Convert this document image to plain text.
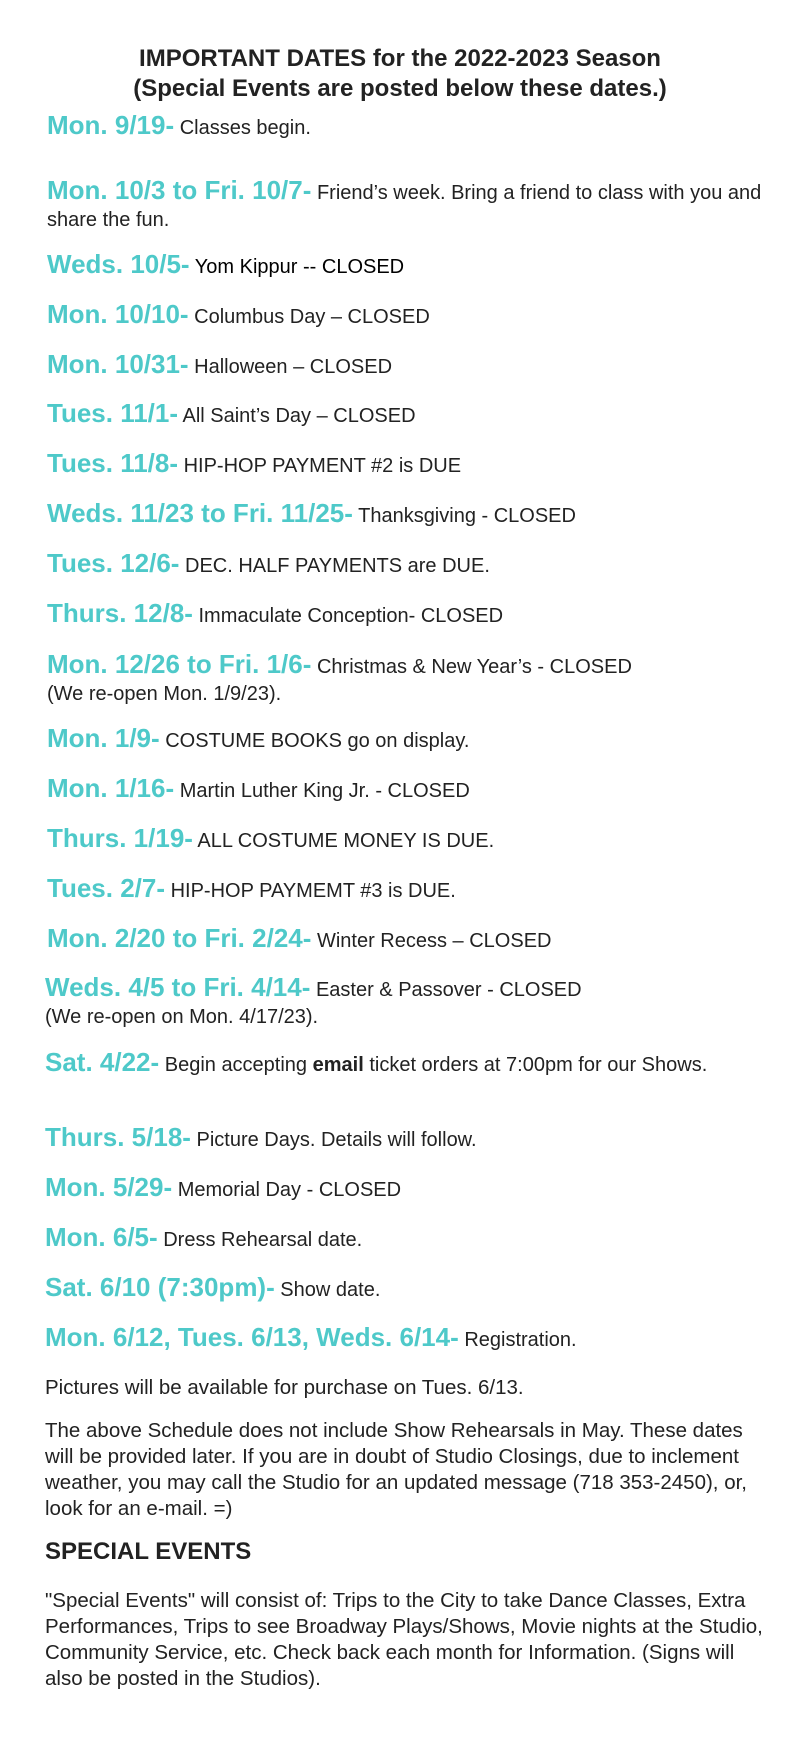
IMPORTANT DATES for the 2022-2023 Season
(Special Events are posted below these dates.)
Mon. 9/19- Classes begin.
Mon. 10/3 to Fri. 10/7- Friend’s week. Bring a friend to class with you and share the fun.
Weds. 10/5- Yom Kippur -- CLOSED
Mon. 10/10- Columbus Day – CLOSED
Mon. 10/31- Halloween – CLOSED
Tues. 11/1- All Saint’s Day – CLOSED
Tues. 11/8- HIP-HOP PAYMENT #2 is DUE
Weds. 11/23 to Fri. 11/25- Thanksgiving - CLOSED
Tues. 12/6- DEC. HALF PAYMENTS are DUE.
Thurs. 12/8- Immaculate Conception- CLOSED
Mon. 12/26 to Fri. 1/6- Christmas & New Year’s - CLOSED
(We re-open Mon. 1/9/23).
Mon. 1/9- COSTUME BOOKS go on display.
Mon. 1/16- Martin Luther King Jr. - CLOSED
Thurs. 1/19- ALL COSTUME MONEY IS DUE.
Tues. 2/7- HIP-HOP PAYMEMT #3 is DUE.
Mon. 2/20 to Fri. 2/24- Winter Recess – CLOSED
Weds. 4/5 to Fri. 4/14- Easter & Passover - CLOSED
(We re-open on Mon. 4/17/23).
Sat. 4/22- Begin accepting email ticket orders at 7:00pm for our Shows.
Thurs. 5/18- Picture Days. Details will follow.
Mon. 5/29- Memorial Day - CLOSED
Mon. 6/5- Dress Rehearsal date.
Sat. 6/10 (7:30pm)- Show date.
Mon. 6/12, Tues. 6/13, Weds. 6/14- Registration.
Pictures will be available for purchase on Tues. 6/13.
The above Schedule does not include Show Rehearsals in May. These dates will be provided later. If you are in doubt of Studio Closings, due to inclement weather, you may call the Studio for an updated message (718 353-2450), or, look for an e-mail. =)
SPECIAL EVENTS
"Special Events" will consist of: Trips to the City to take Dance Classes, Extra Performances, Trips to see Broadway Plays/Shows, Movie nights at the Studio, Community Service, etc. Check back each month for Information. (Signs will also be posted in the Studios).
